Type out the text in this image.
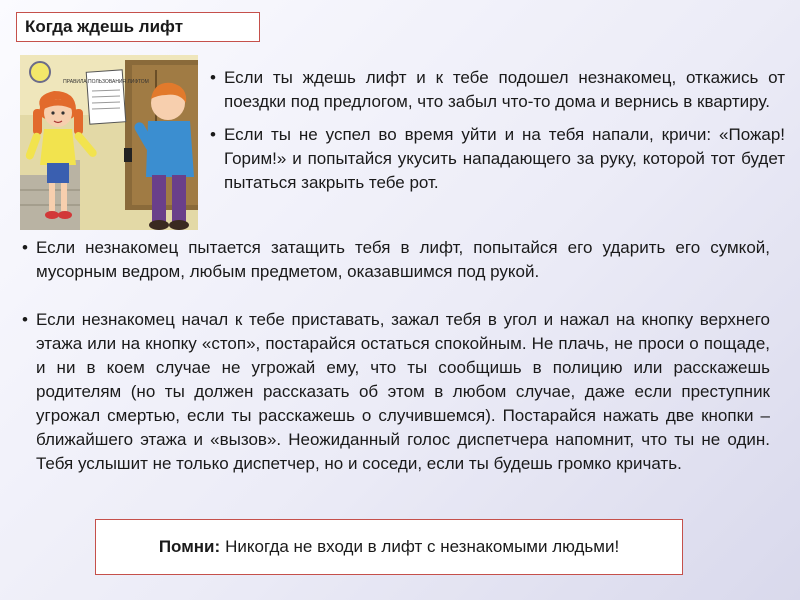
Когда ждешь лифт
ПРАВИЛА ПОЛЬЗОВАНИЯ ЛИФТОМ	• Если ты ждешь лифт и к тебе подошел незнакомец, откажись от поездки под предлогом, что забыл что-то дома и вернись в квартиру.
• Если ты не успел во время уйти и на тебя напали, кричи: «Пожар! Горим!» и попытайся укусить нападающего за руку, которой тот будет пытаться закрыть тебе рот.
• Если незнакомец пытается затащить тебя в лифт, попытайся его ударить его сумкой, мусорным ведром, любым предметом, оказавшимся под рукой.
• Если незнакомец начал к тебе приставать, зажал тебя в угол и нажал на кнопку верхнего этажа или на кнопку «стоп», постарайся остаться спокойным. Не плачь, не проси о пощаде, и ни в коем случае не угрожай ему, что ты сообщишь в полицию или расскажешь родителям (но ты должен рассказать об этом в любом случае, даже если преступник угрожал смертью, если ты расскажешь о случившемся). Постарайся нажать две кнопки – ближайшего этажа и «вызов». Неожиданный голос диспетчера напомнит, что ты не один. Тебя услышит не только диспетчер, но и соседи, если ты будешь громко кричать.
Помни: Никогда не входи в лифт с незнакомыми людьми!
